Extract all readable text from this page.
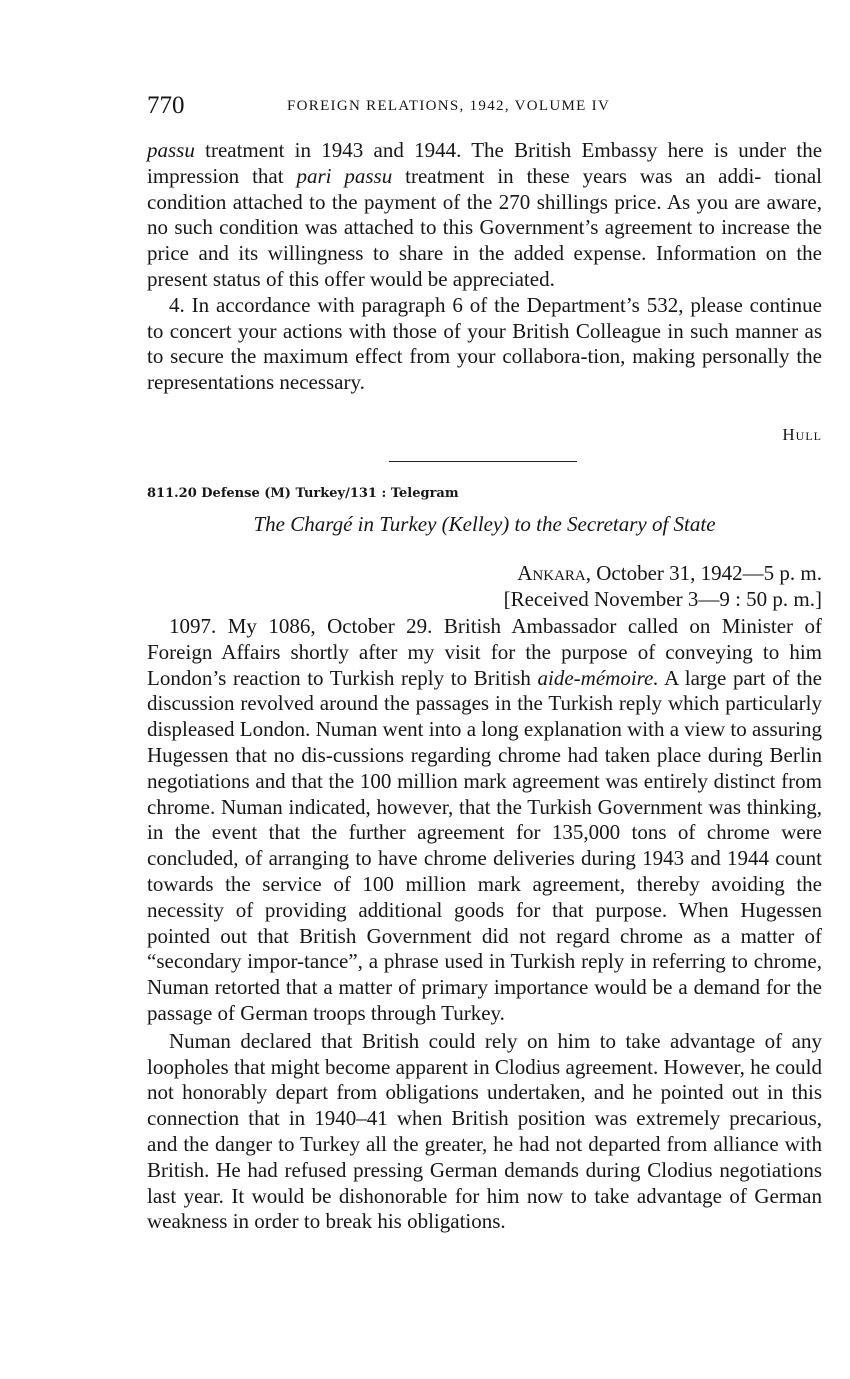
770	FOREIGN RELATIONS, 1942, VOLUME IV

passu treatment in 1943 and 1944. The British Embassy here is under the impression that pari passu treatment in these years was an addi- tional condition attached to the payment of the 270 shillings price. As you are aware, no such condition was attached to this Government’s agreement to increase the price and its willingness to share in the added expense. Information on the present status of this offer would be appreciated.

4. In accordance with paragraph 6 of the Department’s 532, please continue to concert your actions with those of your British Colleague in such manner as to secure the maximum effect from your collabora-tion, making personally the representations necessary.

Hull
811.20 Defense (M) Turkey/131 : Telegram
The Chargé in Turkey (Kelley) to the Secretary of State
Ankara, October 31, 1942—5 p. m.
[Received November 3—9 : 50 p. m.]

1097. My 1086, October 29. British Ambassador called on Minister of Foreign Affairs shortly after my visit for the purpose of conveying to him London’s reaction to Turkish reply to British aide-mémoire. A large part of the discussion revolved around the passages in the Turkish reply which particularly displeased London. Numan went into a long explanation with a view to assuring Hugessen that no dis-cussions regarding chrome had taken place during Berlin negotiations and that the 100 million mark agreement was entirely distinct from chrome. Numan indicated, however, that the Turkish Government was thinking, in the event that the further agreement for 135,000 tons of chrome were concluded, of arranging to have chrome deliveries during 1943 and 1944 count towards the service of 100 million mark agreement, thereby avoiding the necessity of providing additional goods for that purpose. When Hugessen pointed out that British Government did not regard chrome as a matter of “secondary impor-tance”, a phrase used in Turkish reply in referring to chrome, Numan retorted that a matter of primary importance would be a demand for the passage of German troops through Turkey.

Numan declared that British could rely on him to take advantage of any loopholes that might become apparent in Clodius agreement. However, he could not honorably depart from obligations undertaken, and he pointed out in this connection that in 1940–41 when British position was extremely precarious, and the danger to Turkey all the greater, he had not departed from alliance with British. He had refused pressing German demands during Clodius negotiations last year. It would be dishonorable for him now to take advantage of German weakness in order to break his obligations.
